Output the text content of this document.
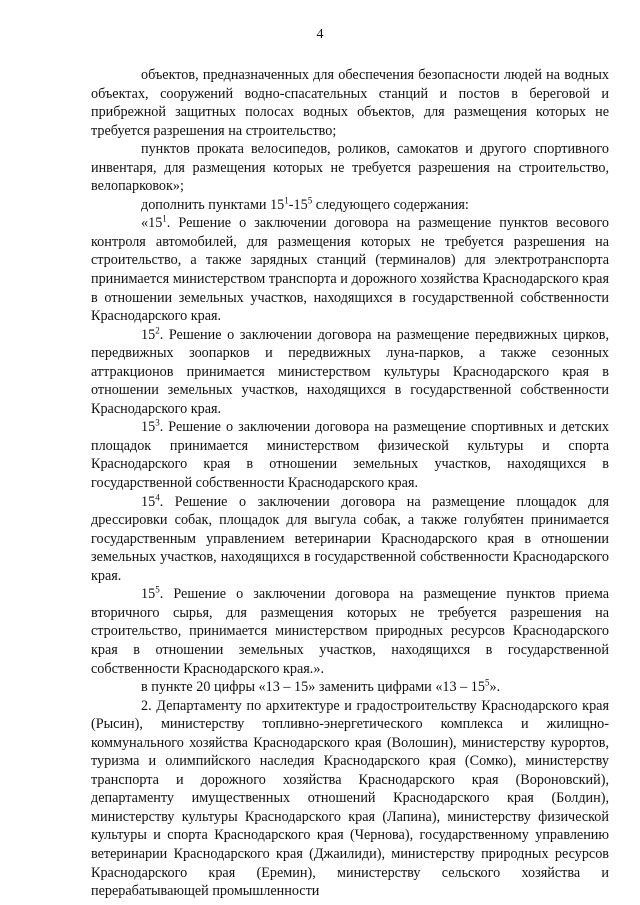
4

объектов, предназначенных для обеспечения безопасности людей на водных объектах, сооружений водно-спасательных станций и постов в береговой и прибрежной защитных полосах водных объектов, для размещения которых не требуется разрешения на строительство;

пунктов проката велосипедов, роликов, самокатов и другого спортивного инвентаря, для размещения которых не требуется разрешения на строительство, велопарковок»;

дополнить пунктами $15^1-15^5$ следующего содержания:

«$15^1$. Решение о заключении договора на размещение пунктов весового контроля автомобилей, для размещения которых не требуется разрешения на строительство, а также зарядных станций (терминалов) для электротранспорта принимается министерством транспорта и дорожного хозяйства Краснодарского края в отношении земельных участков, находящихся в государственной собственности Краснодарского края.

$15^2$. Решение о заключении договора на размещение передвижных цирков, передвижных зоопарков и передвижных луна-парков, а также сезонных аттракционов принимается министерством культуры Краснодарского края в отношении земельных участков, находящихся в государственной собственности Краснодарского края.

$15^3$. Решение о заключении договора на размещение спортивных и детских площадок принимается министерством физической культуры и спорта Краснодарского края в отношении земельных участков, находящихся в государственной собственности Краснодарского края.

$15^4$. Решение о заключении договора на размещение площадок для дрессировки собак, площадок для выгула собак, а также голубятен принимается государственным управлением ветеринарии Краснодарского края в отношении земельных участков, находящихся в государственной собственности Краснодарского края.

$15^5$. Решение о заключении договора на размещение пунктов приема вторичного сырья, для размещения которых не требуется разрешения на строительство, принимается министерством природных ресурсов Краснодарского края в отношении земельных участков, находящихся в государственной собственности Краснодарского края.».

в пункте 20 цифры «13 – 15» заменить цифрами «$13 - 15^5$».

2. Департаменту по архитектуре и градостроительству Краснодарского края (Рысин), министерству топливно-энергетического комплекса и жилищно-коммунального хозяйства Краснодарского края (Волошин), министерству курортов, туризма и олимпийского наследия Краснодарского края (Сомко), министерству транспорта и дорожного хозяйства Краснодарского края (Вороновский), департаменту имущественных отношений Краснодарского края (Болдин), министерству культуры Краснодарского края (Лапина), министерству физической культуры и спорта Краснодарского края (Чернова), государственному управлению ветеринарии Краснодарского края (Джаилиди), министерству природных ресурсов Краснодарского края (Еремин), министерству сельского хозяйства и перерабатывающей промышленности
